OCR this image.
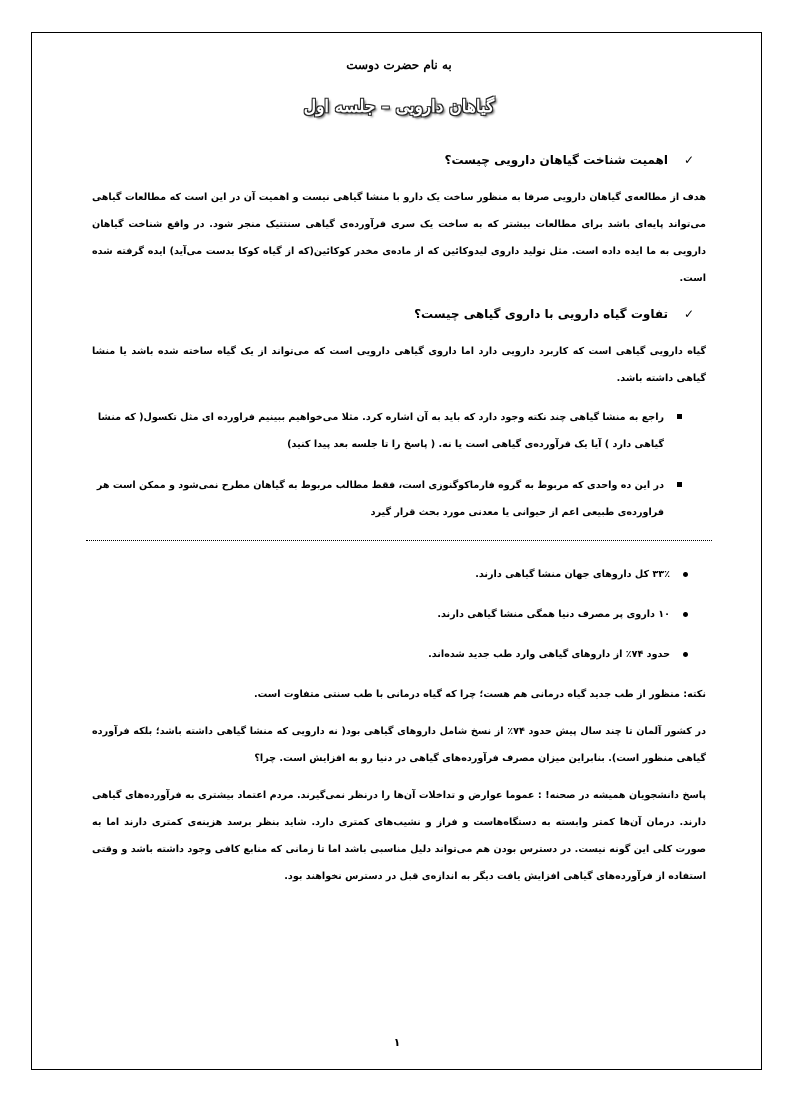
به نام حضرت دوست

گیاهان دارویی – جلسه اول

✓اهمیت شناخت گیاهان دارویی چیست؟

هدف از مطالعه‌ی گیاهان دارویی صرفا به منظور ساخت یک دارو با منشا گیاهی نیست و اهمیت آن در این است که مطالعات گیاهی می‌تواند پایه‌ای باشد برای مطالعات بیشتر که به ساخت یک سری فرآورده‌ی گیاهی سنتتیک منجر شود. در واقع شناخت گیاهان دارویی به ما ایده داده است. مثل تولید داروی لیدوکائین که از ماده‌ی مخدر کوکائین(که از گیاه کوکا بدست می‌آید) ایده گرفته شده است.

✓تفاوت گیاه دارویی با داروی گیاهی چیست؟

گیاه دارویی گیاهی است که کاربرد دارویی دارد اما داروی گیاهی دارویی است که می‌تواند از یک گیاه ساخته شده باشد یا منشا گیاهی داشته باشد.

راجع به منشا گیاهی چند نکته وجود دارد که باید به آن اشاره کرد. مثلا می‌خواهیم ببینیم فراورده ای مثل تکسول( که منشا گیاهی دارد ) آیا یک فرآورده‌ی گیاهی است یا نه. ( پاسخ را تا جلسه بعد پیدا کنید)
در این ده واحدی که مربوط به گروه فارماکوگنوزی است، فقط مطالب مربوط به گیاهان مطرح نمی‌شود و ممکن است هر فراورده‌ی طبیعی اعم از حیوانی یا معدنی مورد بحث قرار گیرد
۳۳٪ کل داروهای جهان منشا گیاهی دارند.
۱۰ داروی پر مصرف دنیا همگی منشا گیاهی دارند.
حدود ۷۴٪ از داروهای گیاهی وارد طب جدید شده‌اند.

نکته: منظور از طب جدید گیاه درمانی هم هست؛ چرا که گیاه درمانی با طب سنتی متفاوت است.

در کشور آلمان تا چند سال پیش حدود ۷۴٪ از نسخ شامل داروهای گیاهی بود( نه دارویی که منشا گیاهی داشته باشد؛ بلکه فرآورده گیاهی منظور است). بنابراین میزان مصرف فرآورده‌های گیاهی در دنیا رو به افزایش است. چرا؟

پاسخ دانشجویان همیشه در صحنه! : عموما عوارض و تداخلات آن‌ها را درنظر نمی‌گیرند. مردم اعتماد بیشتری به فرآورده‌های گیاهی دارند. درمان آن‌ها کمتر وابسته به دستگاه‌هاست و فراز و نشیب‌های کمتری دارد. شاید بنظر برسد هزینه‌ی کمتری دارند اما به صورت کلی این گونه نیست. در دسترس بودن هم می‌تواند دلیل مناسبی باشد اما تا زمانی که منابع کافی وجود داشته باشد و وقتی استفاده از فرآورده‌های گیاهی افزایش یافت دیگر به اندازه‌ی قبل در دسترس نخواهند بود.

۱
